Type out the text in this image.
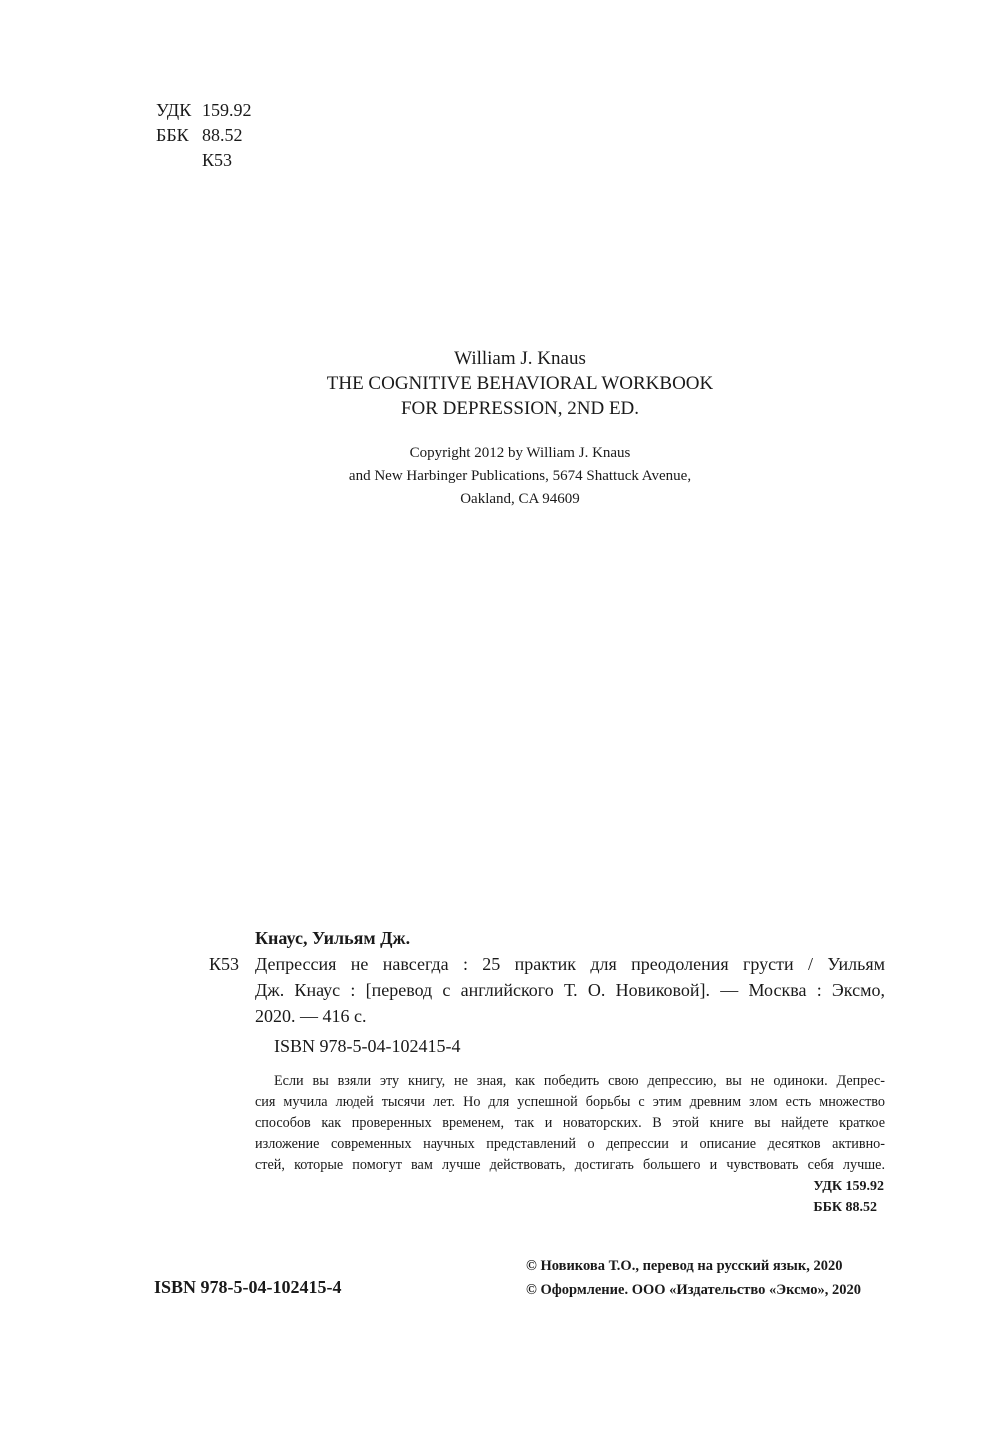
УДК 159.92
ББК 88.52
К53
William J. Knaus
THE COGNITIVE BEHAVIORAL WORKBOOK
FOR DEPRESSION, 2ND ED.
Copyright 2012 by William J. Knaus
and New Harbinger Publications, 5674 Shattuck Avenue,
Oakland, CA 94609
Кнаус, Уильям Дж.
К53 Депрессия не навсегда : 25 практик для преодоления грусти / Уильям
Дж. Кнаус : [перевод с английского Т. О. Новиковой]. — Москва : Эксмо,
2020. — 416 с.
ISBN 978-5-04-102415-4
Если вы взяли эту книгу, не зная, как победить свою депрессию, вы не одиноки. Депрес-
сия мучила людей тысячи лет. Но для успешной борьбы с этим древним злом есть множество
способов как проверенных временем, так и новаторских. В этой книге вы найдете краткое
изложение современных научных представлений о депрессии и описание десятков активно-
стей, которые помогут вам лучше действовать, достигать большего и чувствовать себя лучше.
УДК 159.92
ББК 88.52
ISBN 978-5-04-102415-4
© Новикова Т.О., перевод на русский язык, 2020
© Оформление. ООО «Издательство «Эксмо», 2020
